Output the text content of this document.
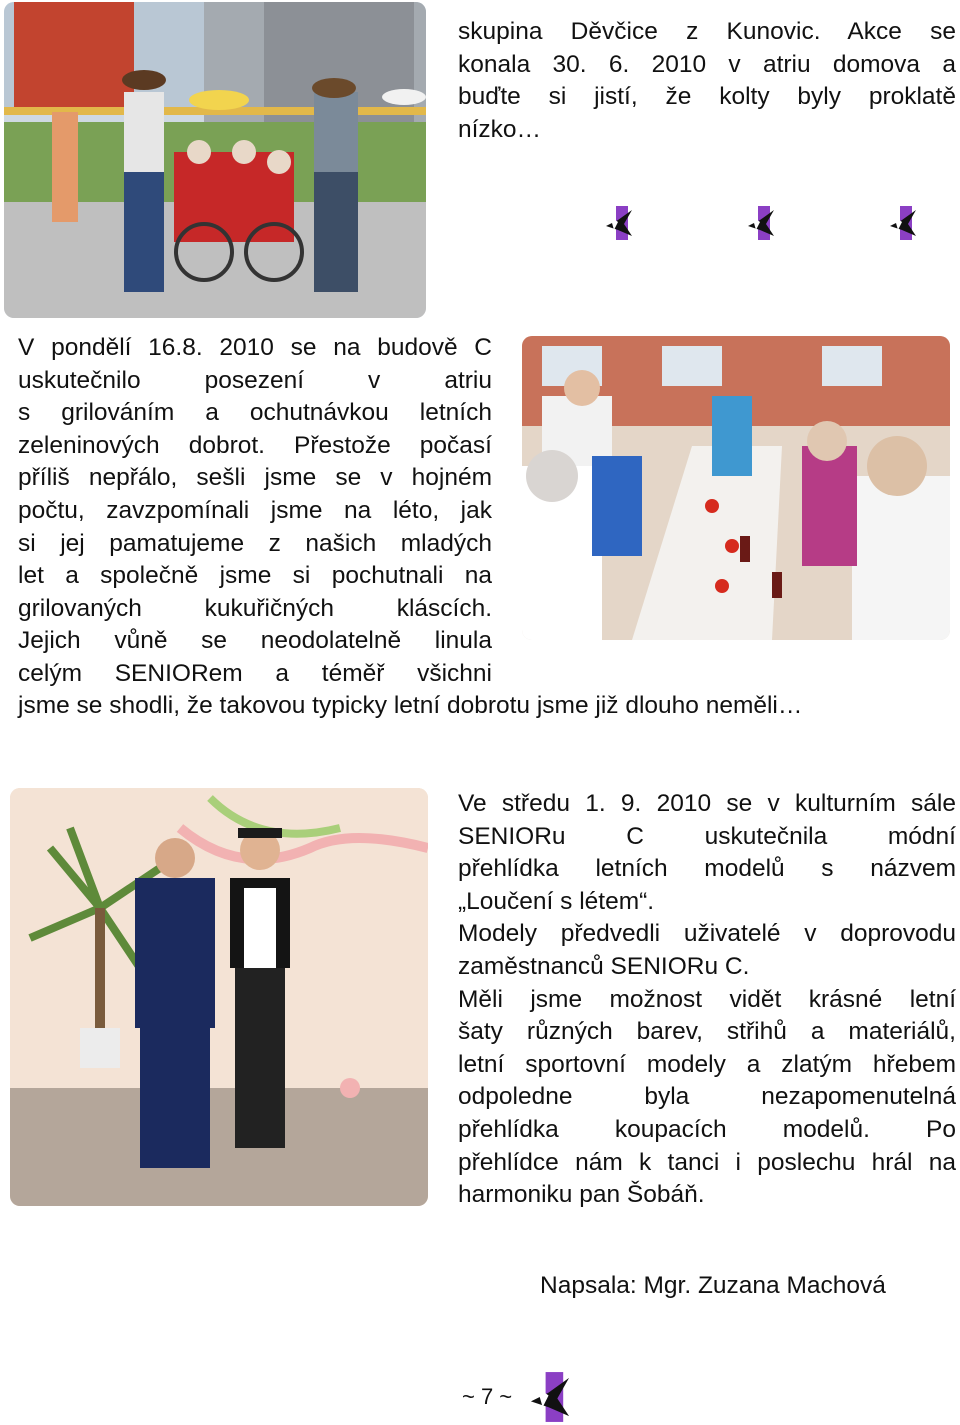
skupina Děvčice z Kunovic. Akce se
konala 30. 6. 2010 v atriu domova a
buďte si jistí, že kolty byly proklatě
nízko…
V pondělí 16.8. 2010 se na budově C
uskutečnilo posezení v atriu
s grilováním a ochutnávkou letních
zeleninových dobrot. Přestože počasí
příliš nepřálo, sešli jsme se v hojném
počtu, zavzpomínali jsme na léto, jak
si jej pamatujeme z našich mladých
let a společně jsme si pochutnali na
grilovaných kukuřičných kláscích.
Jejich vůně se neodolatelně linula
celým SENIORem a téměř všichni
jsme se shodli, že takovou typicky letní dobrotu jsme již dlouho neměli…
Ve středu 1. 9. 2010 se v kulturním sále
SENIORu C uskutečnila módní
přehlídka letních modelů s názvem
„Loučení s létem“.
Modely předvedli uživatelé v doprovodu
zaměstnanců SENIORu C.
Měli jsme možnost vidět krásné letní
šaty různých barev, střihů a materiálů,
letní sportovní modely a zlatým hřebem
odpoledne byla nezapomenutelná
přehlídka koupacích modelů. Po
přehlídce nám k tanci i poslechu hrál na
harmoniku pan Šobáň.
Napsala: Mgr. Zuzana Machová
~ 7 ~
